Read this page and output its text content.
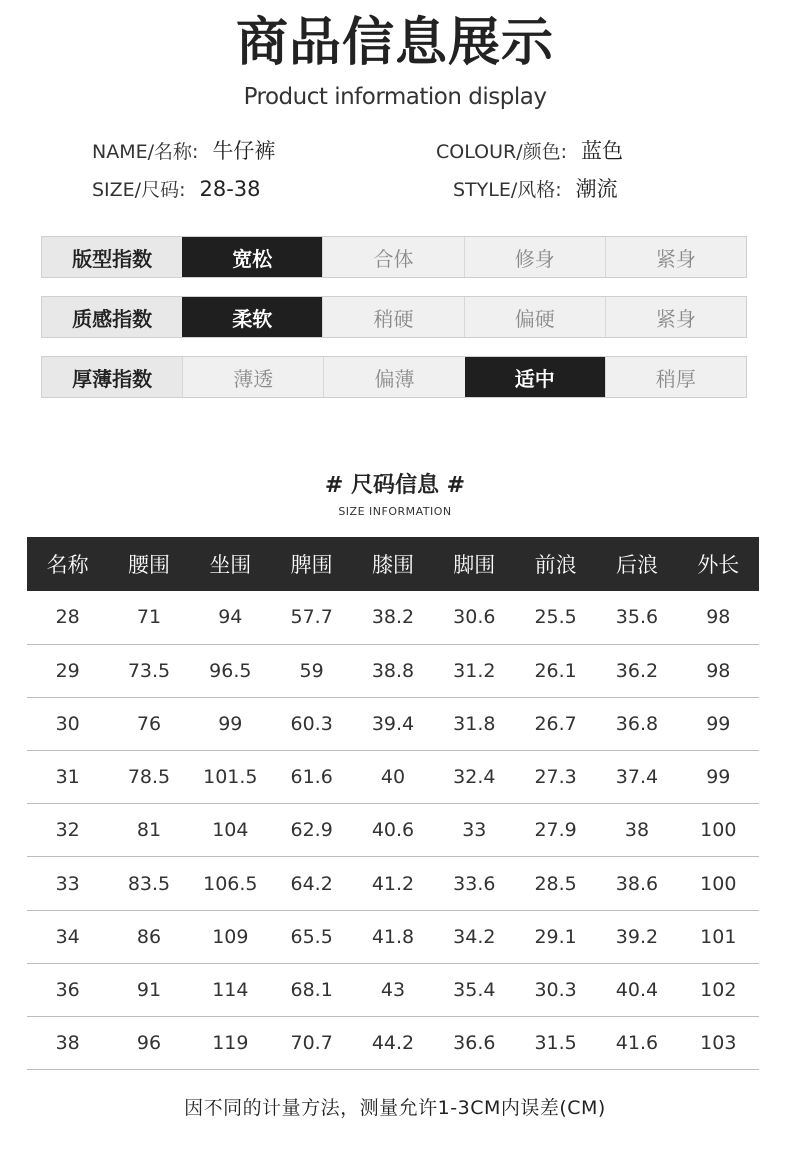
商品信息展示
Product information display
NAME/名称: 牛仔裤	COLOUR/颜色: 蓝色
SIZE/尺码: 28-38	STYLE/风格: 潮流
版型指数	宽松	合体	修身	紧身
质感指数	柔软	稍硬	偏硬	紧身
厚薄指数	薄透	偏薄	适中	稍厚
# 尺码信息 #
SIZE INFORMATION
名称	腰围	坐围	脾围	膝围	脚围	前浪	后浪	外长
28	71	94	57.7	38.2	30.6	25.5	35.6	98
29	73.5	96.5	59	38.8	31.2	26.1	36.2	98
30	76	99	60.3	39.4	31.8	26.7	36.8	99
31	78.5	101.5	61.6	40	32.4	27.3	37.4	99
32	81	104	62.9	40.6	33	27.9	38	100
33	83.5	106.5	64.2	41.2	33.6	28.5	38.6	100
34	86	109	65.5	41.8	34.2	29.1	39.2	101
36	91	114	68.1	43	35.4	30.3	40.4	102
38	96	119	70.7	44.2	36.6	31.5	41.6	103
因不同的计量方法，测量允许1-3CM内误差(CM)
